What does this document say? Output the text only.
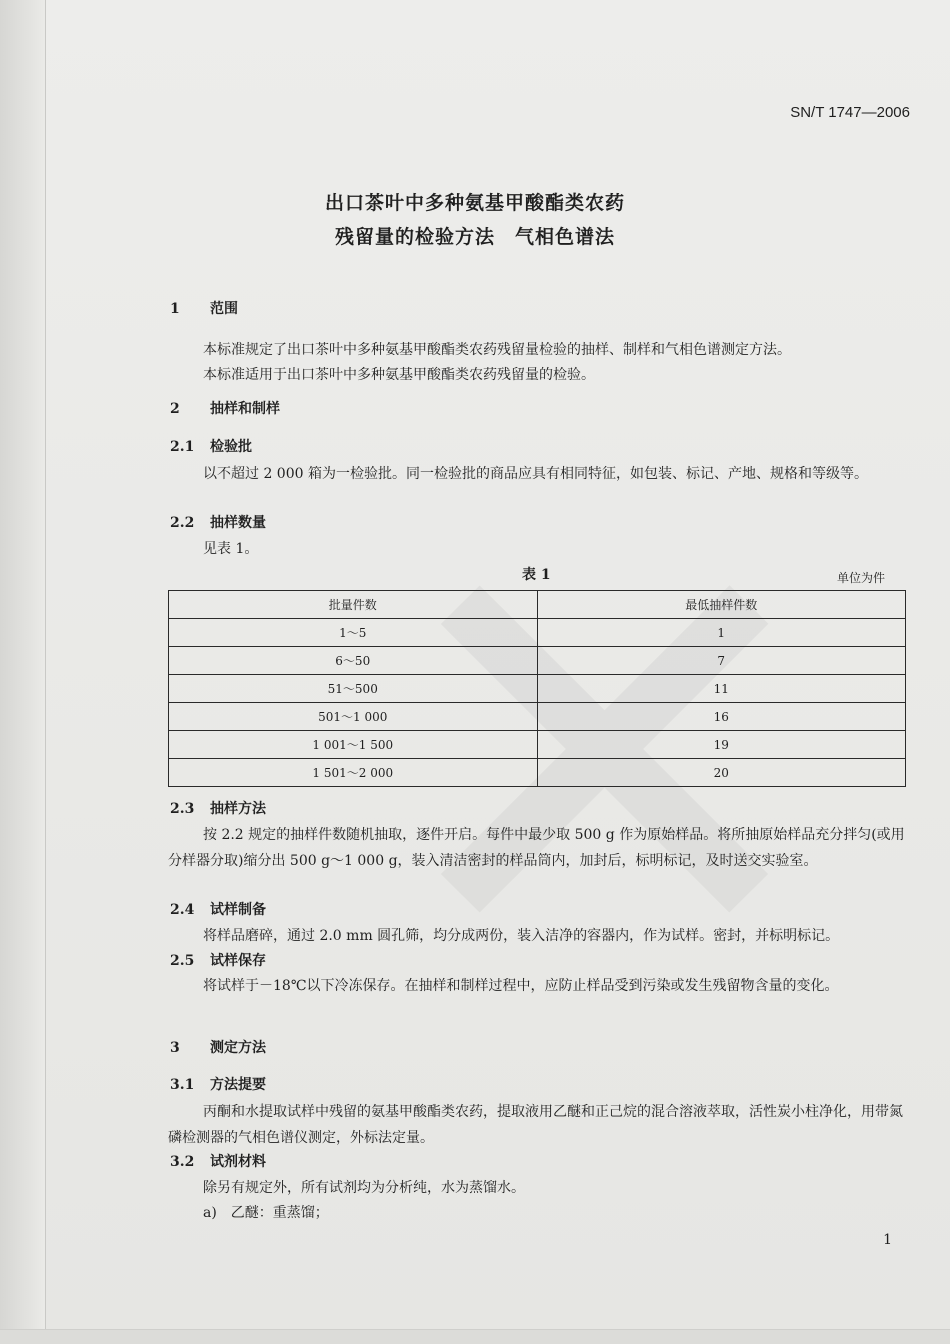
SN/T 1747—2006
出口茶叶中多种氨基甲酸酯类农药
残留量的检验方法　气相色谱法
1 范围
本标准规定了出口茶叶中多种氨基甲酸酯类农药残留量检验的抽样、制样和气相色谱测定方法。
本标准适用于出口茶叶中多种氨基甲酸酯类农药残留量的检验。
2 抽样和制样
2.1 检验批
以不超过 2 000 箱为一检验批。同一检验批的商品应具有相同特征，如包装、标记、产地、规格和等级等。
2.2 抽样数量
见表 1。
表 1	单位为件
批量件数	最低抽样件数
1～5	1
6～50	7
51～500	11
501～1 000	16
1 001～1 500	19
1 501～2 000	20
2.3 抽样方法
按 2.2 规定的抽样件数随机抽取，逐件开启。每件中最少取 500 g 作为原始样品。将所抽原始样品充分拌匀(或用分样器分取)缩分出 500 g～1 000 g，装入清洁密封的样品筒内，加封后，标明标记，及时送交实验室。
2.4 试样制备
将样品磨碎，通过 2.0 mm 圆孔筛，均分成两份，装入洁净的容器内，作为试样。密封，并标明标记。
2.5 试样保存
将试样于－18℃以下冷冻保存。在抽样和制样过程中，应防止样品受到污染或发生残留物含量的变化。
3 测定方法
3.1 方法提要
丙酮和水提取试样中残留的氨基甲酸酯类农药，提取液用乙醚和正己烷的混合溶液萃取，活性炭小柱净化，用带氮磷检测器的气相色谱仪测定，外标法定量。
3.2 试剂材料
除另有规定外，所有试剂均为分析纯，水为蒸馏水。
a)　乙醚：重蒸馏；
1
